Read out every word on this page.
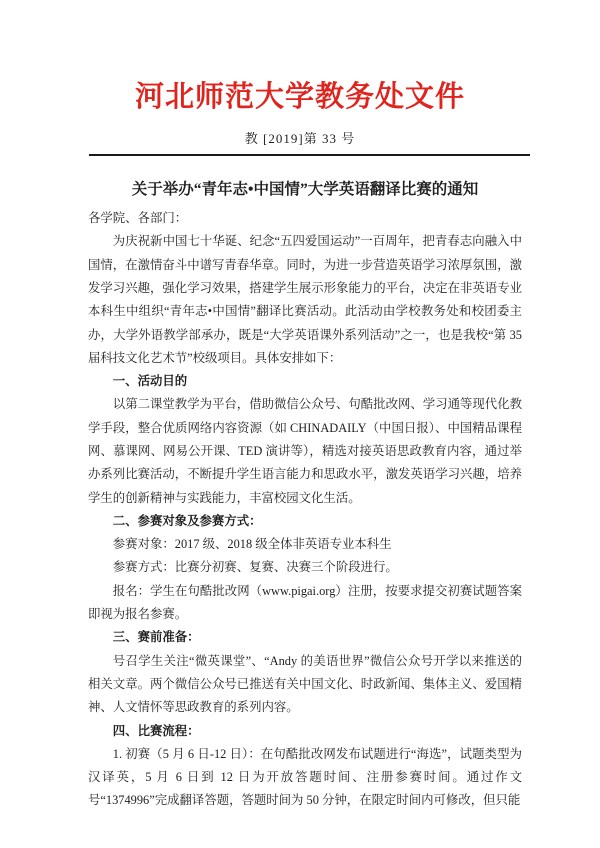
河北师范大学教务处文件
教 [2019]第 33 号
关于举办“青年志•中国情”大学英语翻译比赛的通知

各学院、各部门：

为庆祝新中国七十华诞、纪念“五四爱国运动”一百周年，把青春志向融入中国情，在激情奋斗中谱写青春华章。同时，为进一步营造英语学习浓厚氛围，激发学习兴趣，强化学习效果，搭建学生展示形象能力的平台，决定在非英语专业本科生中组织“青年志•中国情”翻译比赛活动。此活动由学校教务处和校团委主办，大学外语教学部承办，既是“大学英语课外系列活动”之一，也是我校“第 35 届科技文化艺术节”校级项目。具体安排如下：

一、活动目的

以第二课堂教学为平台，借助微信公众号、句酷批改网、学习通等现代化教学手段，整合优质网络内容资源（如 CHINADAILY（中国日报）、中国精品课程网、慕课网、网易公开课、TED 演讲等），精选对接英语思政教育内容，通过举办系列比赛活动，不断提升学生语言能力和思政水平，激发英语学习兴趣，培养学生的创新精神与实践能力，丰富校园文化生活。

二、参赛对象及参赛方式：

参赛对象：2017 级、2018 级全体非英语专业本科生

参赛方式：比赛分初赛、复赛、决赛三个阶段进行。

报名：学生在句酷批改网（www.pigai.org）注册，按要求提交初赛试题答案即视为报名参赛。

三、赛前准备：

号召学生关注“微英课堂”、“Andy 的美语世界”微信公众号开学以来推送的相关文章。两个微信公众号已推送有关中国文化、时政新闻、集体主义、爱国精神、人文情怀等思政教育的系列内容。

四、比赛流程：

1. 初赛（5 月 6 日-12 日）：在句酷批改网发布试题进行“海选”，试题类型为汉译英，5 月 6 日到 12 日为开放答题时间、注册参赛时间。通过作文号“1374996”完成翻译答题，答题时间为 50 分钟，在限定时间内可修改，但只能
